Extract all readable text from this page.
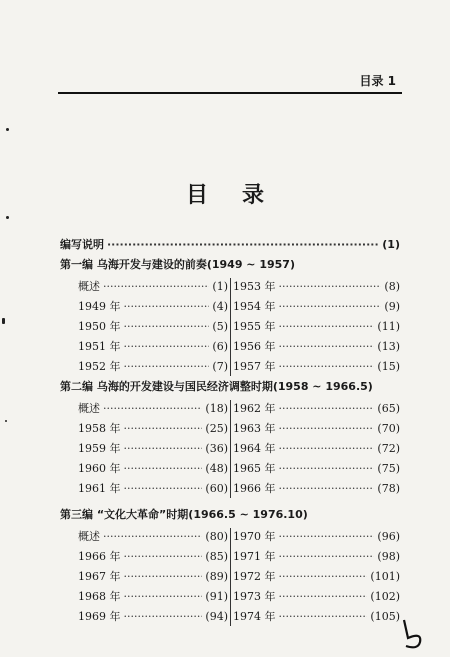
目录 1
目录
编写说明 ·····	(1)
第一编 乌海开发与建设的前奏(1949 ~ 1957)
概述 ·····	(1)
1949 年 ·····	(4)
1950 年 ·····	(5)
1951 年 ·····	(6)
1952 年 ·····	(7)
1953 年 ·····	(8)
1954 年 ·····	(9)
1955 年 ·····	(11)
1956 年 ·····	(13)
1957 年 ·····	(15)
第二编 乌海的开发建设与国民经济调整时期(1958 ~ 1966.5)
概述 ·····	(18)
1958 年 ·····	(25)
1959 年 ·····	(36)
1960 年 ·····	(48)
1961 年 ·····	(60)
1962 年 ·····	(65)
1963 年 ·····	(70)
1964 年 ·····	(72)
1965 年 ·····	(75)
1966 年 ·····	(78)
第三编 “文化大革命”时期(1966.5 ~ 1976.10)
概述 ·····	(80)
1966 年 ·····	(85)
1967 年 ·····	(89)
1968 年 ·····	(91)
1969 年 ·····	(94)
1970 年 ·····	(96)
1971 年 ·····	(98)
1972 年 ·····	(101)
1973 年 ·····	(102)
1974 年 ·····	(105)
